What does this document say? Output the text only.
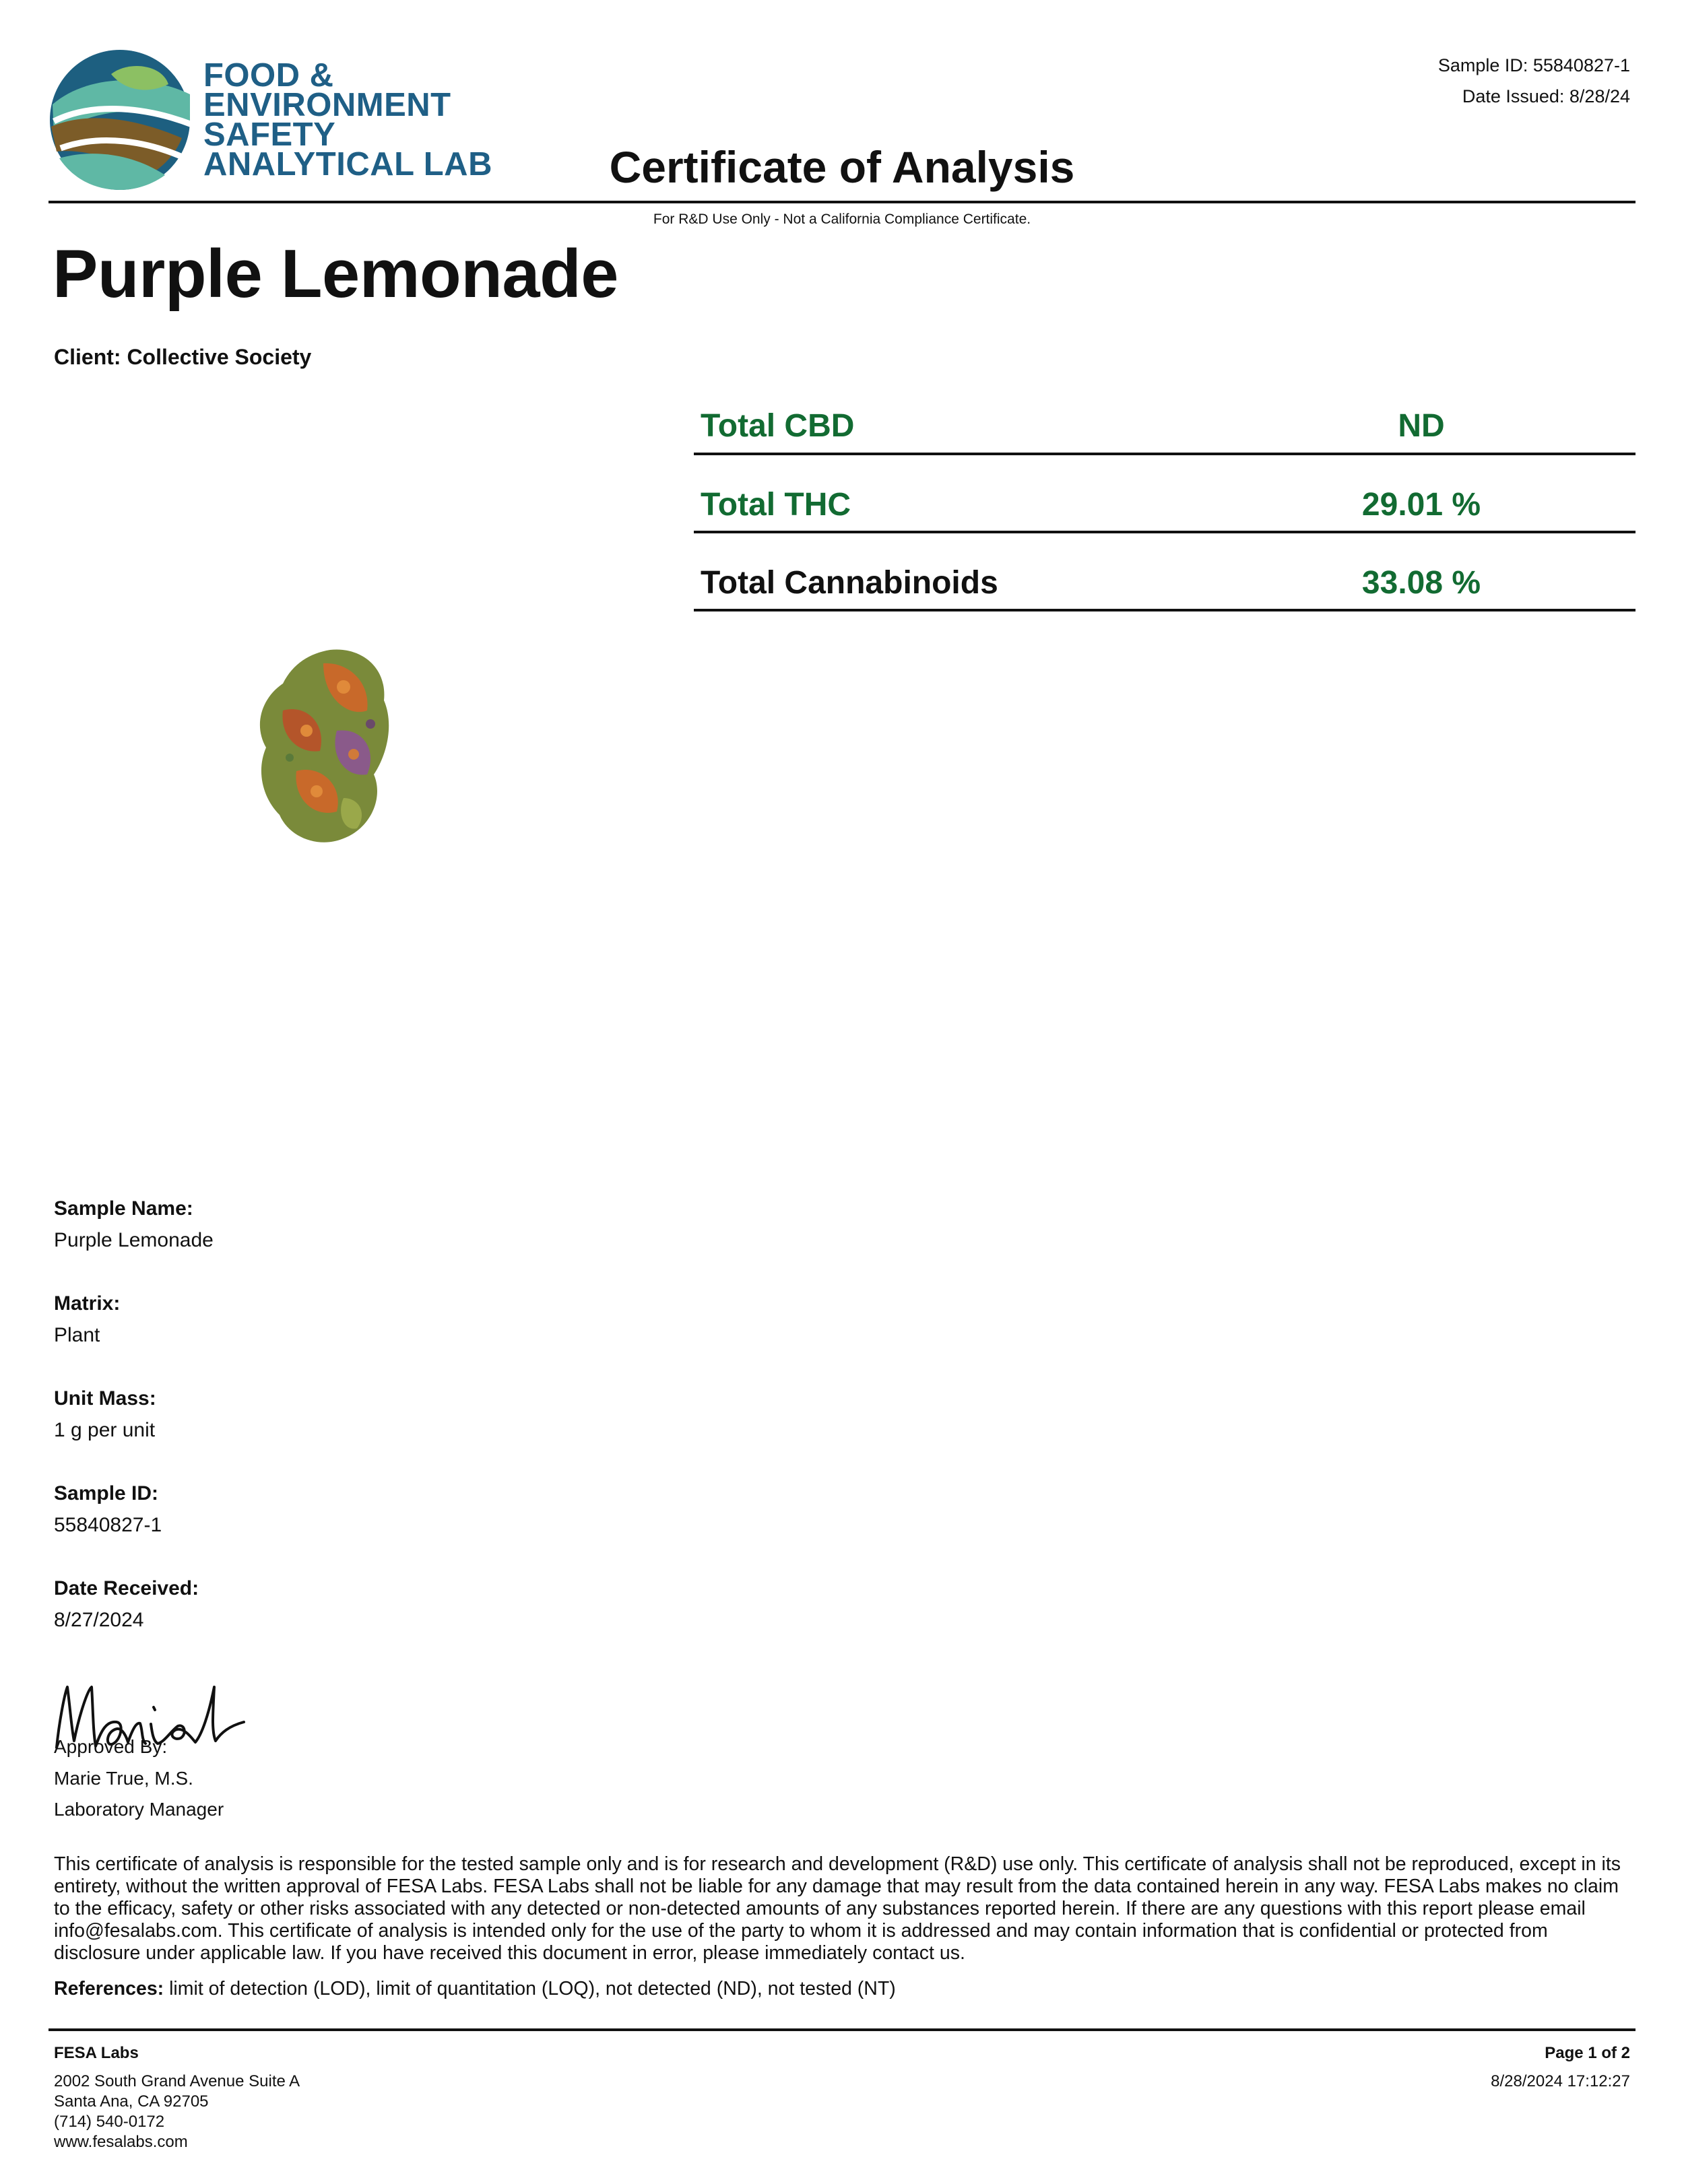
FOOD &
ENVIRONMENT
SAFETY
ANALYTICAL LAB
Sample ID: 55840827-1
Date Issued: 8/28/24
Certificate of Analysis
For R&D Use Only - Not a California Compliance Certificate.
Purple Lemonade
Client: Collective Society
Total CBD	ND
Total THC	29.01 %
Total Cannabinoids	33.08 %
Sample Name:
Purple Lemonade
Matrix:
Plant
Unit Mass:
1 g per unit
Sample ID:
55840827-1
Date Received:
8/27/2024
Approved By:
Marie True, M.S.
Laboratory Manager
This certificate of analysis is responsible for the tested sample only and is for research and development (R&D) use only. This certificate of analysis shall not be reproduced, except in its entirety, without the written approval of FESA Labs. FESA Labs shall not be liable for any damage that may result from the data contained herein in any way. FESA Labs makes no claim to the efficacy, safety or other risks associated with any detected or non-detected amounts of any substances reported herein. If there are any questions with this report please email info@fesalabs.com. This certificate of analysis is intended only for the use of the party to whom it is addressed and may contain information that is confidential or protected from disclosure under applicable law. If you have received this document in error, please immediately contact us.
References: limit of detection (LOD), limit of quantitation (LOQ), not detected (ND), not tested (NT)
FESA Labs
2002 South Grand Avenue Suite A
Santa Ana, CA 92705
(714) 540-0172
www.fesalabs.com
Page 1 of 2
8/28/2024 17:12:27
